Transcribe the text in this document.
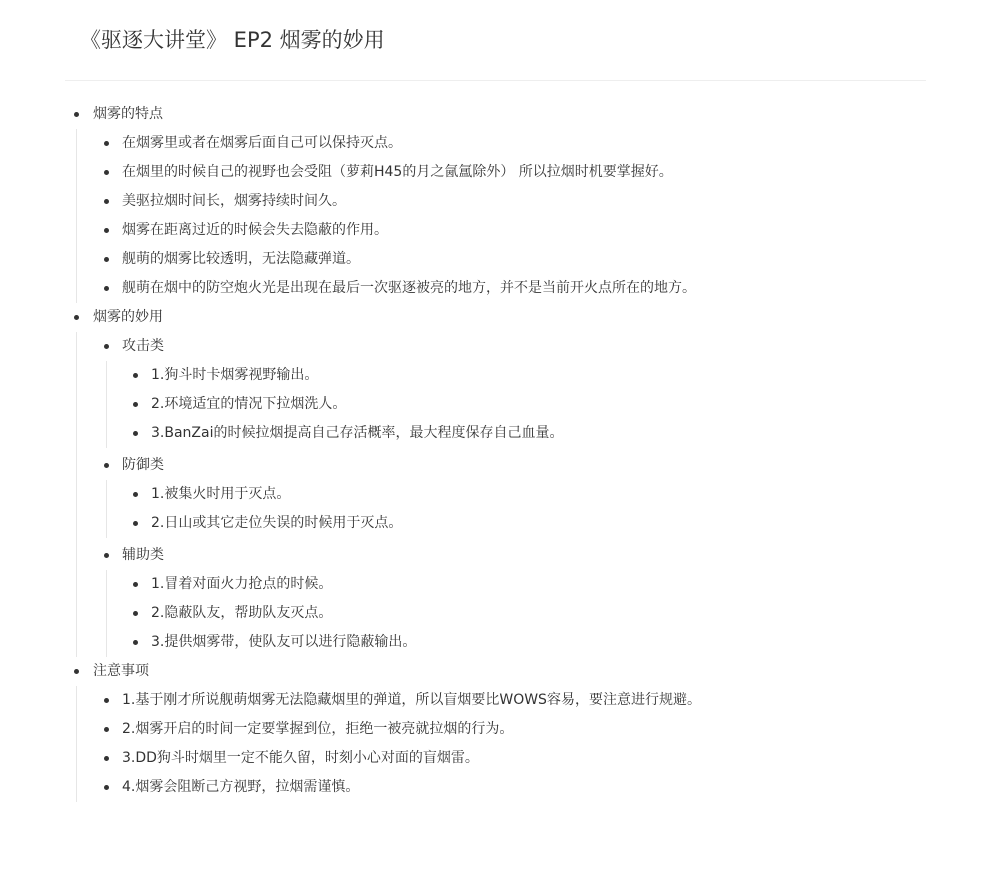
《驱逐大讲堂》 EP2 烟雾的妙用
烟雾的特点
在烟雾里或者在烟雾后面自己可以保持灭点。
在烟里的时候自己的视野也会受阻（萝莉H45的月之氤氲除外） 所以拉烟时机要掌握好。
美驱拉烟时间长，烟雾持续时间久。
烟雾在距离过近的时候会失去隐蔽的作用。
舰萌的烟雾比较透明，无法隐藏弹道。
舰萌在烟中的防空炮火光是出现在最后一次驱逐被亮的地方，并不是当前开火点所在的地方。
烟雾的妙用
攻击类
1.狗斗时卡烟雾视野输出。
2.环境适宜的情况下拉烟洗人。
3.BanZai的时候拉烟提高自己存活概率，最大程度保存自己血量。
防御类
1.被集火时用于灭点。
2.日山或其它走位失误的时候用于灭点。
辅助类
1.冒着对面火力抢点的时候。
2.隐蔽队友，帮助队友灭点。
3.提供烟雾带，使队友可以进行隐蔽输出。
注意事项
1.基于刚才所说舰萌烟雾无法隐藏烟里的弹道，所以盲烟要比WOWS容易，要注意进行规避。
2.烟雾开启的时间一定要掌握到位，拒绝一被亮就拉烟的行为。
3.DD狗斗时烟里一定不能久留，时刻小心对面的盲烟雷。
4.烟雾会阻断己方视野，拉烟需谨慎。
